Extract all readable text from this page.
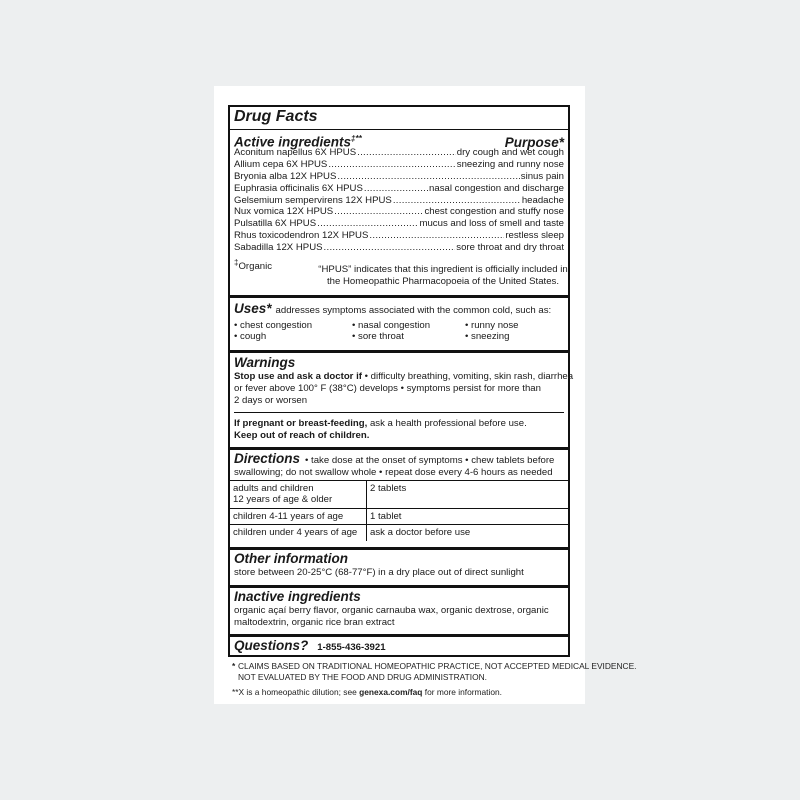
Drug Facts
Active ingredients‡**	Purpose*
Aconitum napellus 6X HPUS .....	dry cough and wet cough
Allium cepa 6X HPUS .....	sneezing and runny nose
Bryonia alba 12X HPUS .....	sinus pain
Euphrasia officinalis 6X HPUS .....	nasal congestion and discharge
Gelsemium sempervirens 12X HPUS .....	headache
Nux vomica 12X HPUS .....	chest congestion and stuffy nose
Pulsatilla 6X HPUS .....	mucus and loss of smell and taste
Rhus toxicodendron 12X HPUS .....	restless sleep
Sabadilla 12X HPUS .....	sore throat and dry throat
‡Organic	“HPUS” indicates that this ingredient is officially included in
the Homeopathic Pharmacopoeia of the United States.
Uses* addresses symptoms associated with the common cold, such as:
• chest congestion	• nasal congestion	• runny nose
• cough	• sore throat	• sneezing
Warnings
Stop use and ask a doctor if • difficulty breathing, vomiting, skin rash, diarrhea
or fever above 100° F (38°C) develops • symptoms persist for more than
2 days or worsen
If pregnant or breast-feeding, ask a health professional before use.
Keep out of reach of children.
Directions • take dose at the onset of symptoms • chew tablets before
swallowing; do not swallow whole • repeat dose every 4-6 hours as needed
adults and children
12 years of age & older	2 tablets

children 4-11 years of age	1 tablet

children under 4 years of age	ask a doctor before use
Other information
store between 20-25°C (68-77°F) in a dry place out of direct sunlight
Inactive ingredients
organic açaí berry flavor, organic carnauba wax, organic dextrose, organic
maltodextrin, organic rice bran extract
Questions? 1-855-436-3921
* CLAIMS BASED ON TRADITIONAL HOMEOPATHIC PRACTICE, NOT ACCEPTED MEDICAL EVIDENCE.
NOT EVALUATED BY THE FOOD AND DRUG ADMINISTRATION.
**X is a homeopathic dilution; see genexa.com/faq for more information.
